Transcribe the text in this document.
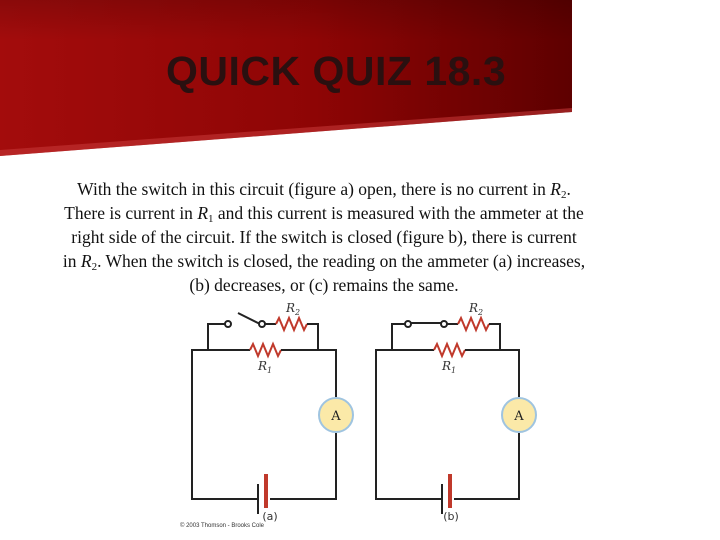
QUICK QUIZ 18.3
With the switch in this circuit (figure a) open, there is no current in $R_2$.
There is current in $R_1$ and this current is measured with the ammeter at the
right side of the circuit. If the switch is closed (figure b), there is current
in $R_2$. When the switch is closed, the reading on the ammeter (a) increases,
(b) decreases, or (c) remains the same.
A
$R_2$
$R_1$
(a)
A
$R_2$
$R_1$
(b)
© 2003 Thomson - Brooks Cole
